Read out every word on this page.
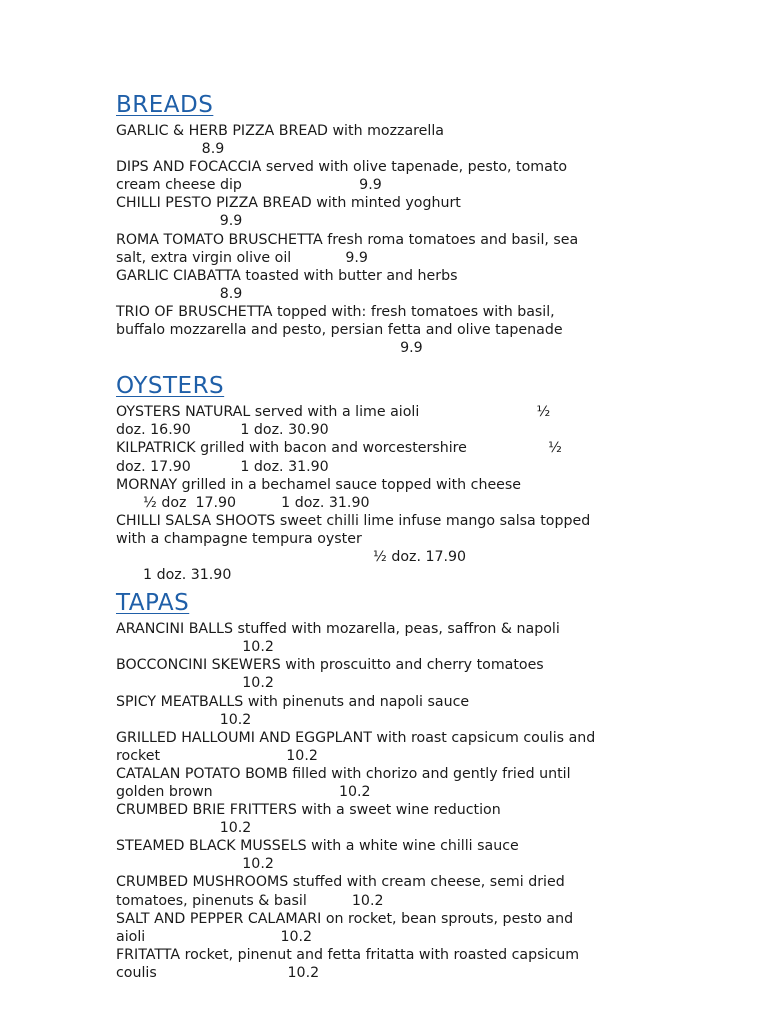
BREADS

GARLIC & HERB PIZZA BREAD with mozzarella

8.9

DIPS AND FOCACCIA served with olive tapenade, pesto, tomato

cream cheese dip                          9.9

CHILLI PESTO PIZZA BREAD with minted yoghurt

9.9

ROMA TOMATO BRUSCHETTA fresh roma tomatoes and basil, sea

salt, extra virgin olive oil            9.9

GARLIC CIABATTA toasted with butter and herbs

8.9

TRIO OF BRUSCHETTA topped with: fresh tomatoes with basil,

buffalo mozzarella and pesto, persian fetta and olive tapenade

9.9

OYSTERS

OYSTERS NATURAL served with a lime aioli                          ½

doz. 16.90           1 doz. 30.90

KILPATRICK grilled with bacon and worcestershire                  ½

doz. 17.90           1 doz. 31.90

MORNAY grilled in a bechamel sauce topped with cheese

½ doz  17.90          1 doz. 31.90

CHILLI SALSA SHOOTS sweet chilli lime infuse mango salsa topped

with a champagne tempura oyster

½ doz. 17.90

1 doz. 31.90

TAPAS

ARANCINI BALLS stuffed with mozarella, peas, saffron & napoli

10.2

BOCCONCINI SKEWERS with proscuitto and cherry tomatoes

10.2

SPICY MEATBALLS with pinenuts and napoli sauce

10.2

GRILLED HALLOUMI AND EGGPLANT with roast capsicum coulis and

rocket                            10.2

CATALAN POTATO BOMB filled with chorizo and gently fried until

golden brown                            10.2

CRUMBED BRIE FRITTERS with a sweet wine reduction

10.2

STEAMED BLACK MUSSELS with a white wine chilli sauce

10.2

CRUMBED MUSHROOMS stuffed with cream cheese, semi dried

tomatoes, pinenuts & basil          10.2

SALT AND PEPPER CALAMARI on rocket, bean sprouts, pesto and

aioli                              10.2

FRITATTA rocket, pinenut and fetta fritatta with roasted capsicum

coulis                             10.2
